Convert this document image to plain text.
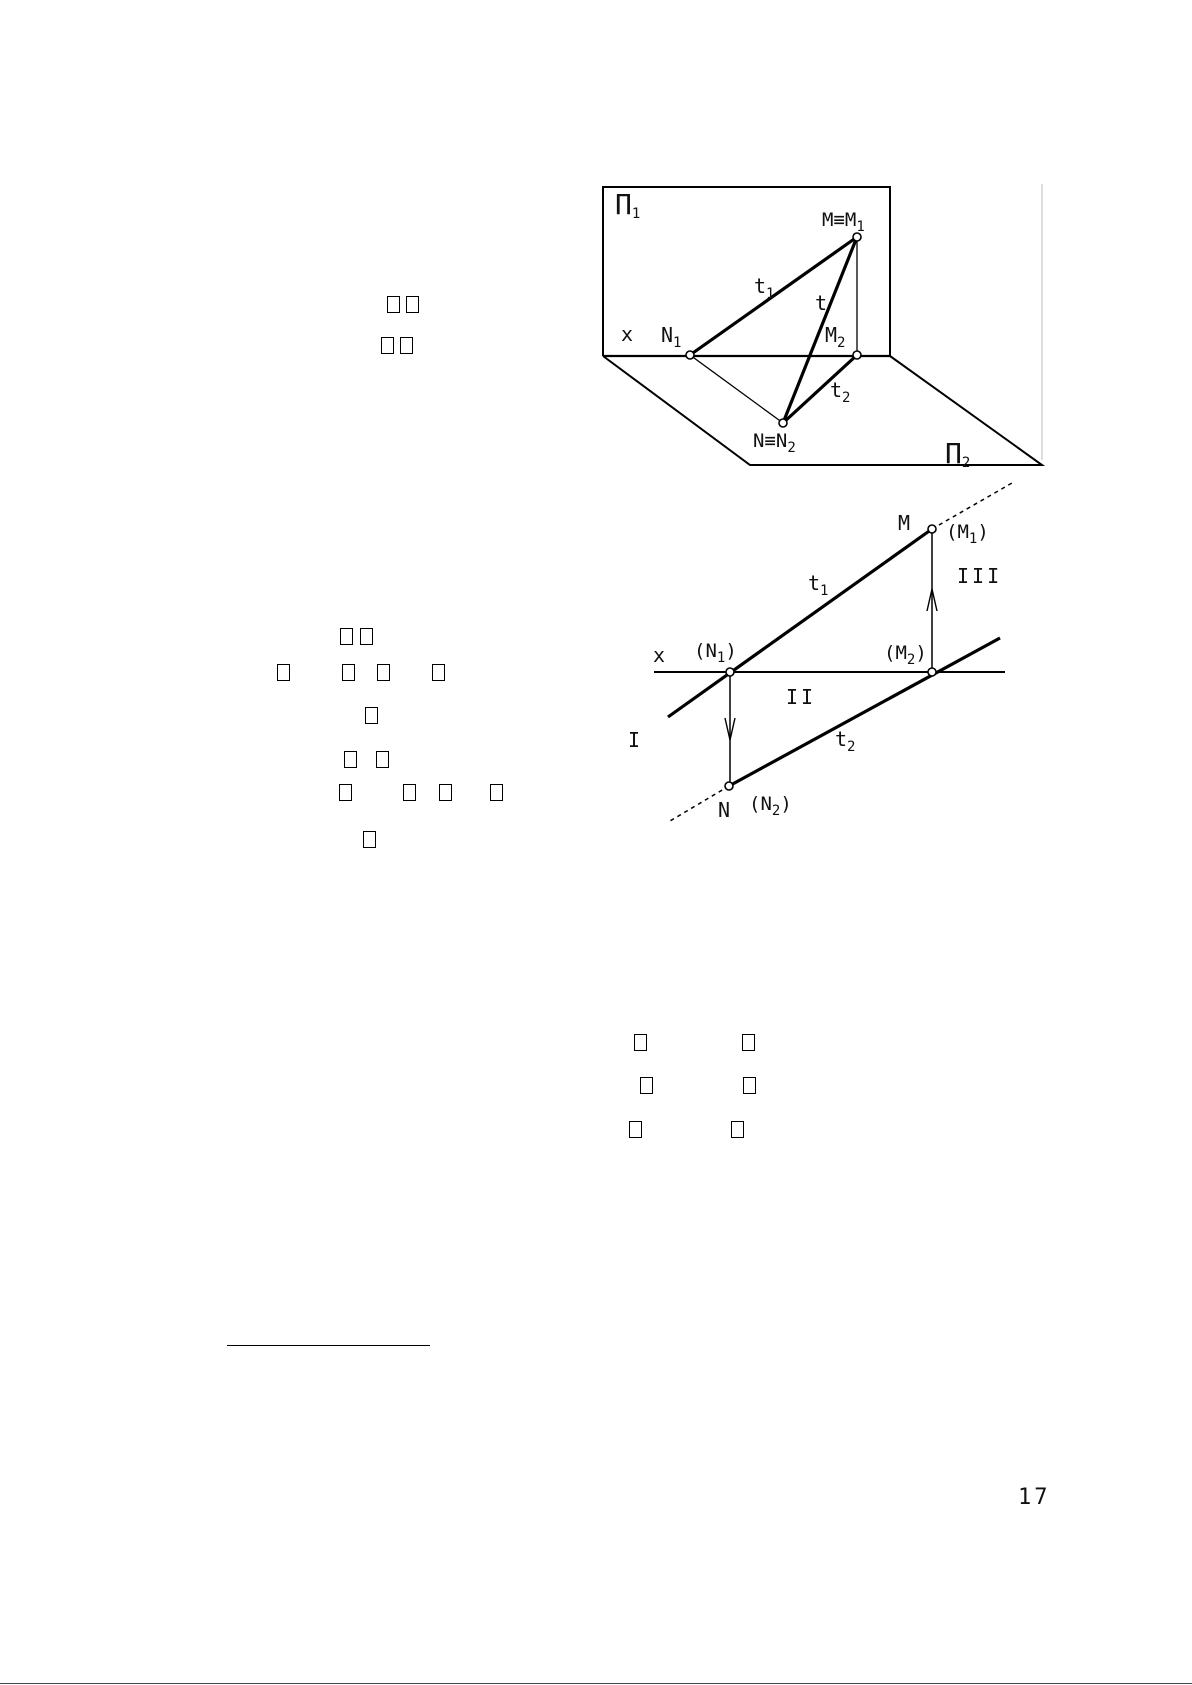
П1	$M\equiv M_1$
$t_1$ t
x $N_1$	$M_2$
$t_2$
$N\equiv N_2$	П2
M $(M_1)$
III
$t_1$
x $(N_1)$	$(M_2)$
II
I	$t_2$
N $(N_2)$
17
